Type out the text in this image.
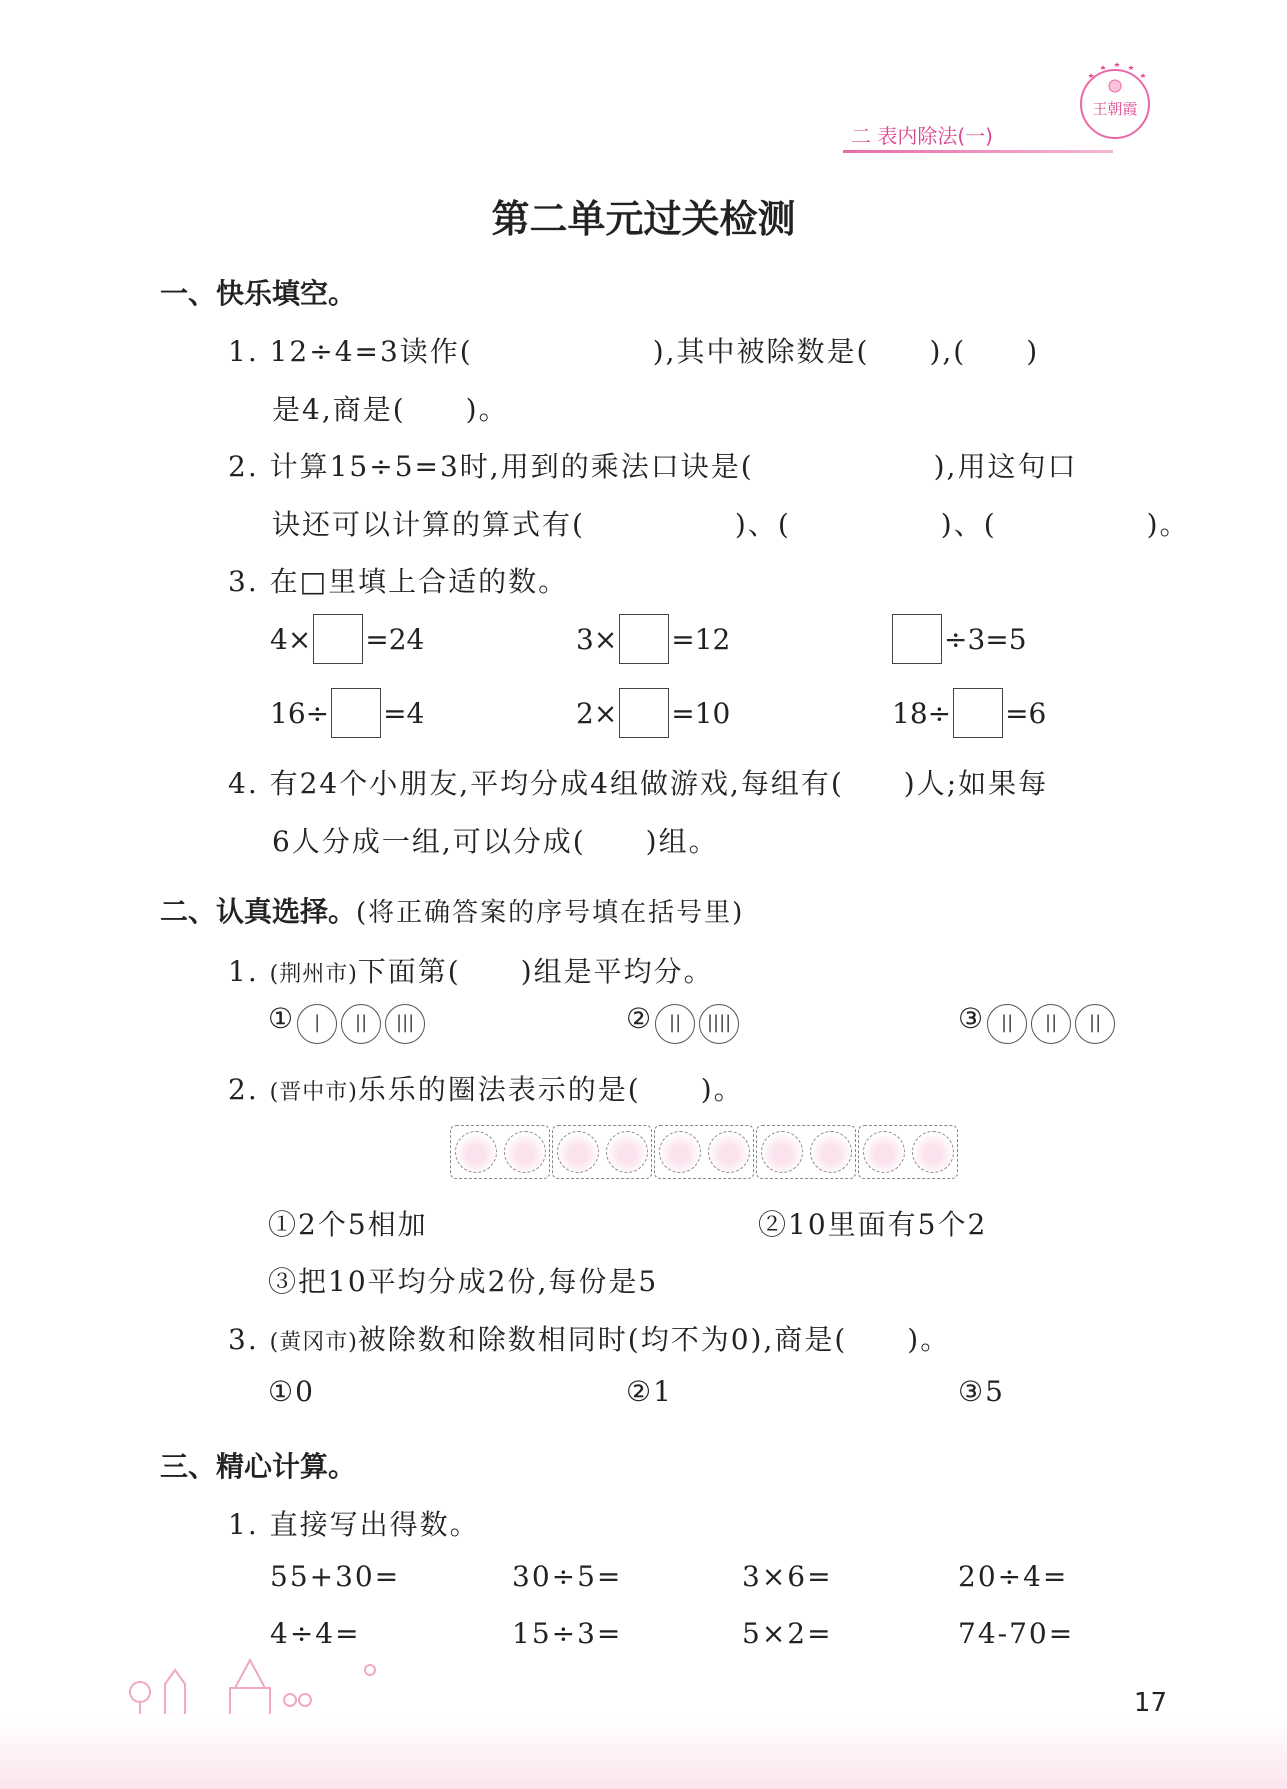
二 表内除法(一)
王朝霞
第二单元过关检测
一、快乐填空。
1. 12÷4=3读作(　　　　　　),其中被除数是(　　),(　　)
是4,商是(　　)。
2. 计算15÷5=3时,用到的乘法口诀是(　　　　　　),用这句口
诀还可以计算的算式有(　　　　　)、(　　　　　)、(　　　　　)。
3. 在□里填上合适的数。
4× =24	3× =12	÷3=5
16÷ =4	2× =10	18÷ =6
4. 有24个小朋友,平均分成4组做游戏,每组有(　　)人;如果每
6人分成一组,可以分成(　　)组。
二、认真选择。(将正确答案的序号填在括号里)
1. (荆州市)下面第(　　)组是平均分。
① | || |||	② || ||||	③ || || ||
2. (晋中市)乐乐的圈法表示的是(　　)。
①2个5相加	②10里面有5个2
③把10平均分成2份,每份是5
3. (黄冈市)被除数和除数相同时(均不为0),商是(　　)。
①0	②1	③5
三、精心计算。
1. 直接写出得数。
55+30=	30÷5=	3×6=	20÷4=
4÷4=	15÷3=	5×2=	74-70=
17
